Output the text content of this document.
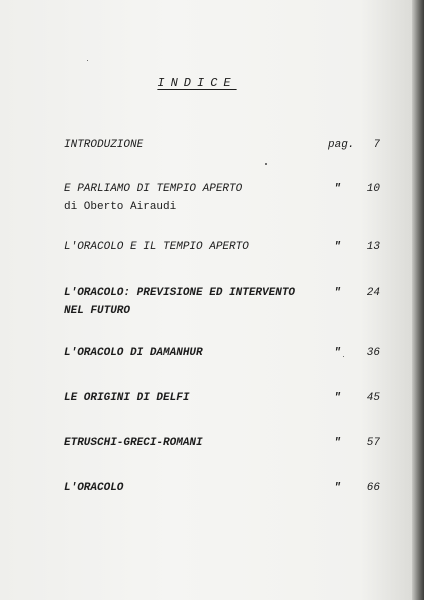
INDICE
INTRODUZIONE	pag. 7
E PARLIAMO DI TEMPIO APERTO
di Oberto Airaudi
" 10
L'ORACOLO E IL TEMPIO APERTO	" 13
L'ORACOLO: PREVISIONE ED INTERVENTO
NEL FUTURO
" 24
L'ORACOLO DI DAMANHUR	" 36
LE ORIGINI DI DELFI	" 45
ETRUSCHI-GRECI-ROMANI	" 57
L'ORACOLO	" 66
